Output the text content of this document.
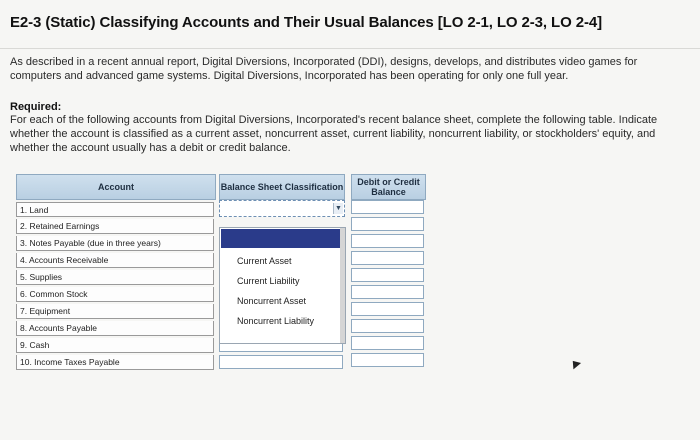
E2-3 (Static) Classifying Accounts and Their Usual Balances [LO 2-1, LO 2-3, LO 2-4]
As described in a recent annual report, Digital Diversions, Incorporated (DDI), designs, develops, and distributes video games for computers and advanced game systems. Digital Diversions, Incorporated has been operating for only one full year.
Required:
For each of the following accounts from Digital Diversions, Incorporated's recent balance sheet, complete the following table. Indicate whether the account is classified as a current asset, noncurrent asset, current liability, noncurrent liability, or stockholders' equity, and whether the account usually has a debit or credit balance.
Account	Balance Sheet Classification	Debit or Credit Balance
1. Land
2. Retained Earnings
3. Notes Payable (due in three years)
4. Accounts Receivable
5. Supplies
6. Common Stock
7. Equipment
8. Accounts Payable
9. Cash
10. Income Taxes Payable
▼
Current Asset
Current Liability
Noncurrent Asset
Noncurrent Liability
